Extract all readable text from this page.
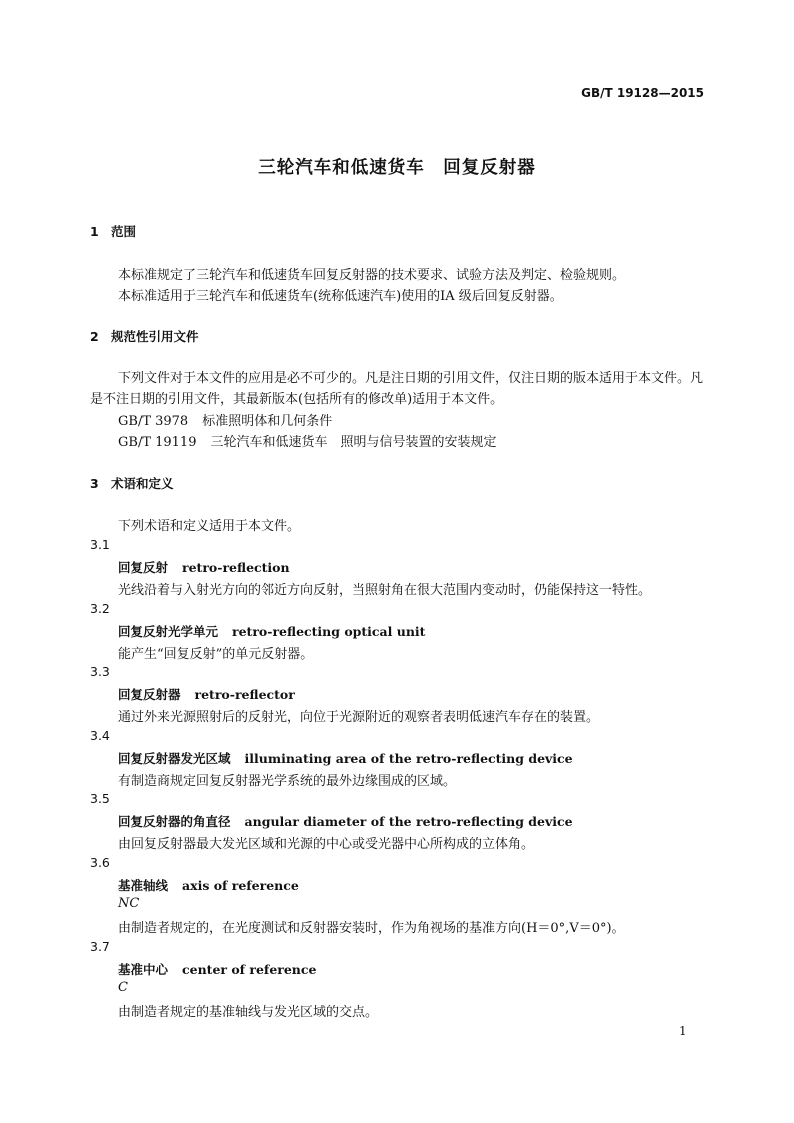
GB/T 19128—2015
三轮汽车和低速货车　回复反射器
1 范围
本标准规定了三轮汽车和低速货车回复反射器的技术要求、试验方法及判定、检验规则。
本标准适用于三轮汽车和低速货车(统称低速汽车)使用的ⅠA 级后回复反射器。
2 规范性引用文件
下列文件对于本文件的应用是必不可少的。凡是注日期的引用文件，仅注日期的版本适用于本文件。凡是不注日期的引用文件，其最新版本(包括所有的修改单)适用于本文件。
GB/T 3978 标准照明体和几何条件
GB/T 19119 三轮汽车和低速货车　照明与信号装置的安装规定
3 术语和定义
下列术语和定义适用于本文件。
3.1
回复反射 retro-reflection
光线沿着与入射光方向的邻近方向反射，当照射角在很大范围内变动时，仍能保持这一特性。
3.2
回复反射光学单元 retro-reflecting optical unit
能产生“回复反射”的单元反射器。
3.3
回复反射器 retro-reflector
通过外来光源照射后的反射光，向位于光源附近的观察者表明低速汽车存在的装置。
3.4
回复反射器发光区域 illuminating area of the retro-reflecting device
有制造商规定回复反射器光学系统的最外边缘围成的区域。
3.5
回复反射器的角直径 angular diameter of the retro-reflecting device
由回复反射器最大发光区域和光源的中心或受光器中心所构成的立体角。
3.6
基准轴线 axis of reference
NC
由制造者规定的，在光度测试和反射器安装时，作为角视场的基准方向(H＝0°,V＝0°)。
3.7
基准中心 center of reference
C
由制造者规定的基准轴线与发光区域的交点。
1
